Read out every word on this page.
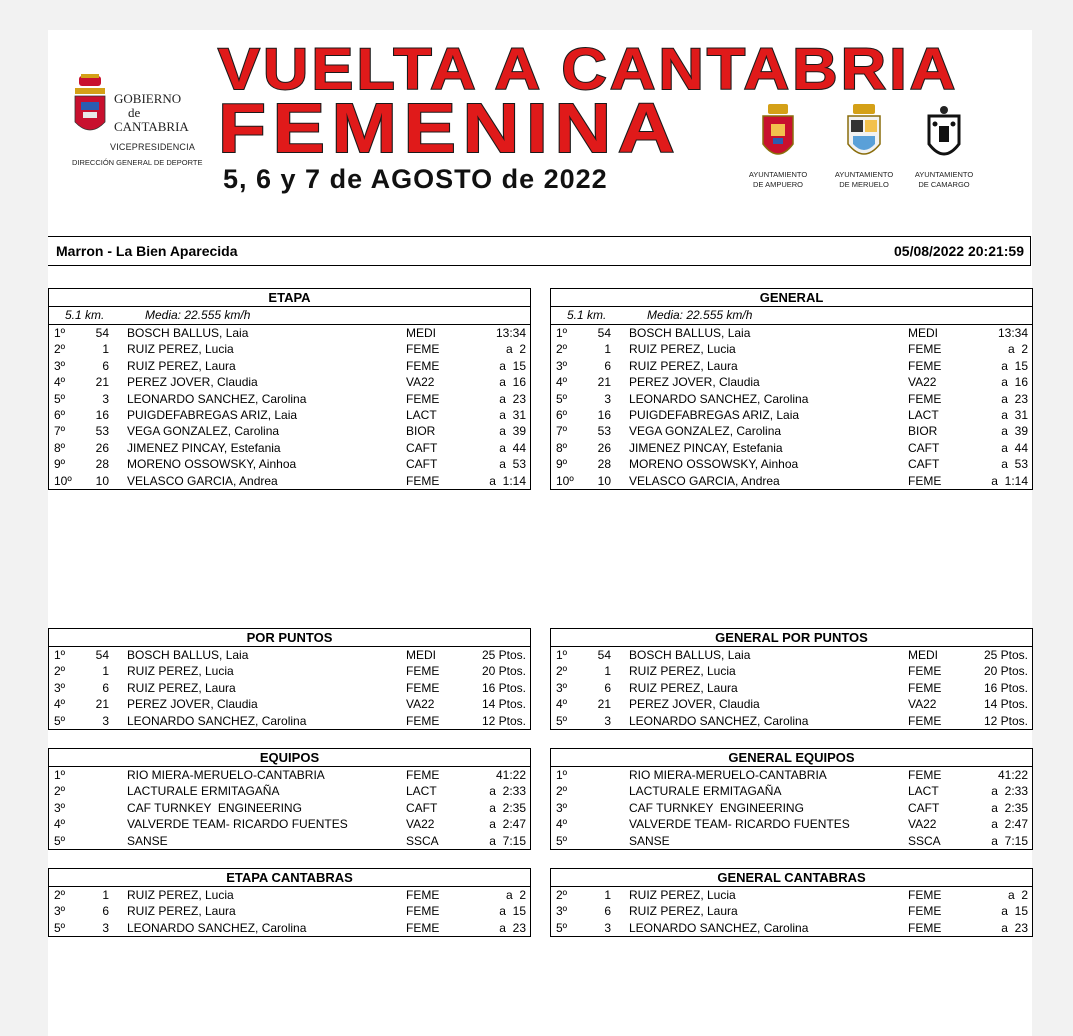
GOBIERNO
de
CANTABRIA
VICEPRESIDENCIA
DIRECCIÓN GENERAL DE DEPORTE
VUELTA A CANTABRIA
FEMENINA
5, 6 y 7 de AGOSTO de 2022	AYUNTAMIENTO
DE AMPUERO
AYUNTAMIENTO
DE MERUELO
AYUNTAMIENTO
DE CAMARGO
Marron - La Bien Aparecida	05/08/2022 20:21:59
ETAPA
5.1 km.	Media: 22.555 km/h
1º	54 BOSCH BALLUS, Laia	MEDI	13:34
2º	1 RUIZ PEREZ, Lucia	FEME	a  2
3º	6 RUIZ PEREZ, Laura	FEME	a  15
4º	21 PEREZ JOVER, Claudia	VA22	a  16
5º	3 LEONARDO SANCHEZ, Carolina	FEME	a  23
6º	16 PUIGDEFABREGAS ARIZ, Laia	LACT	a  31
7º	53 VEGA GONZALEZ, Carolina	BIOR	a  39
8º	26 JIMENEZ PINCAY, Estefania	CAFT	a  44
9º	28 MORENO OSSOWSKY, Ainhoa	CAFT	a  53
10º	10 VELASCO GARCIA, Andrea	FEME	a  1:14
GENERAL
5.1 km.	Media: 22.555 km/h
1º	54 BOSCH BALLUS, Laia	MEDI	13:34
2º	1 RUIZ PEREZ, Lucia	FEME	a  2
3º	6 RUIZ PEREZ, Laura	FEME	a  15
4º	21 PEREZ JOVER, Claudia	VA22	a  16
5º	3 LEONARDO SANCHEZ, Carolina	FEME	a  23
6º	16 PUIGDEFABREGAS ARIZ, Laia	LACT	a  31
7º	53 VEGA GONZALEZ, Carolina	BIOR	a  39
8º	26 JIMENEZ PINCAY, Estefania	CAFT	a  44
9º	28 MORENO OSSOWSKY, Ainhoa	CAFT	a  53
10º	10 VELASCO GARCIA, Andrea	FEME	a  1:14
POR PUNTOS
1º	54 BOSCH BALLUS, Laia	MEDI	25 Ptos.
2º	1 RUIZ PEREZ, Lucia	FEME	20 Ptos.
3º	6 RUIZ PEREZ, Laura	FEME	16 Ptos.
4º	21 PEREZ JOVER, Claudia	VA22	14 Ptos.
5º	3 LEONARDO SANCHEZ, Carolina	FEME	12 Ptos.
GENERAL POR PUNTOS
1º	54 BOSCH BALLUS, Laia	MEDI	25 Ptos.
2º	1 RUIZ PEREZ, Lucia	FEME	20 Ptos.
3º	6 RUIZ PEREZ, Laura	FEME	16 Ptos.
4º	21 PEREZ JOVER, Claudia	VA22	14 Ptos.
5º	3 LEONARDO SANCHEZ, Carolina	FEME	12 Ptos.
EQUIPOS
1º	RIO MIERA-MERUELO-CANTABRIA	FEME	41:22
2º	LACTURALE ERMITAGAÑA	LACT	a  2:33
3º	CAF TURNKEY  ENGINEERING	CAFT	a  2:35
4º	VALVERDE TEAM- RICARDO FUENTES	VA22	a  2:47
5º	SANSE	SSCA	a  7:15
GENERAL EQUIPOS
1º	RIO MIERA-MERUELO-CANTABRIA	FEME	41:22
2º	LACTURALE ERMITAGAÑA	LACT	a  2:33
3º	CAF TURNKEY  ENGINEERING	CAFT	a  2:35
4º	VALVERDE TEAM- RICARDO FUENTES	VA22	a  2:47
5º	SANSE	SSCA	a  7:15
ETAPA CANTABRAS
2º	1 RUIZ PEREZ, Lucia	FEME	a  2
3º	6 RUIZ PEREZ, Laura	FEME	a  15
5º	3 LEONARDO SANCHEZ, Carolina	FEME	a  23
GENERAL CANTABRAS
2º	1 RUIZ PEREZ, Lucia	FEME	a  2
3º	6 RUIZ PEREZ, Laura	FEME	a  15
5º	3 LEONARDO SANCHEZ, Carolina	FEME	a  23
